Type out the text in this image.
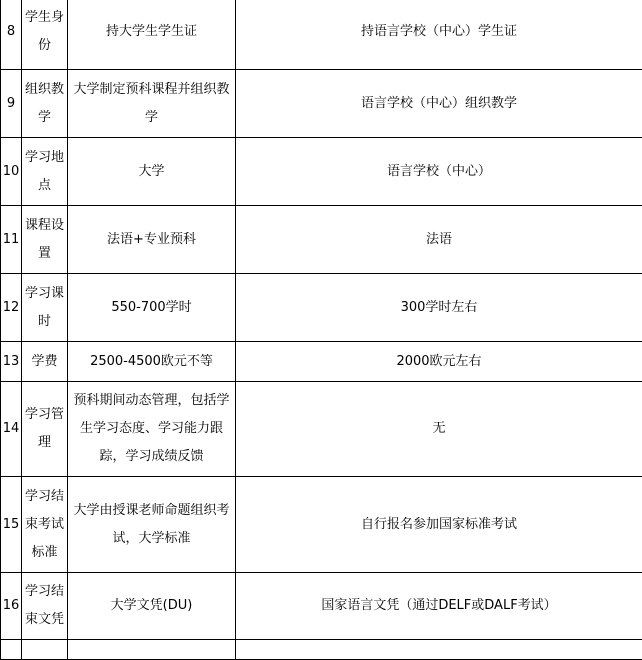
8	学生身份	持大学生学生证	持语言学校（中心）学生证
9	组织教学	大学制定预科课程并组织教学	语言学校（中心）组织教学
10	学习地点	大学	语言学校（中心）
11	课程设置	法语+专业预科	法语
12	学习课时	550-700学时	300学时左右
13	学费	2500-4500欧元不等	2000欧元左右
14	学习管理	预科期间动态管理，包括学生学习态度、学习能力跟踪，学习成绩反馈	无
15	学习结束考试标准	大学由授课老师命题组织考试，大学标准	自行报名参加国家标准考试
16	学习结束文凭	大学文凭(DU)	国家语言文凭（通过DELF或DALF考试）
